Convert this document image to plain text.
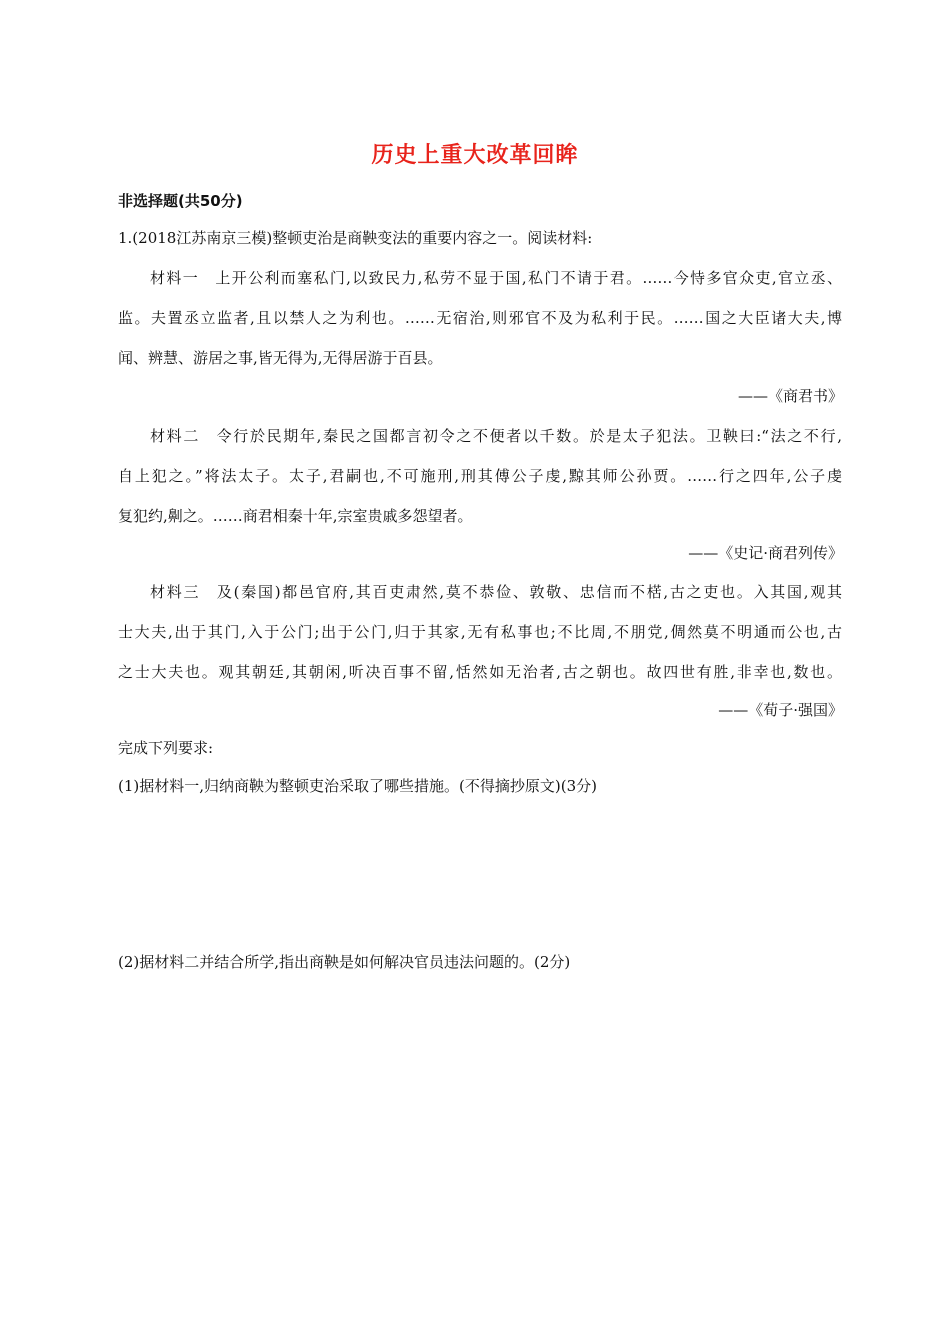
历史上重大改革回眸
非选择题(共50分)
1.(2018江苏南京三模)整顿吏治是商鞅变法的重要内容之一。阅读材料:
材料一　上开公利而塞私门,以致民力,私劳不显于国,私门不请于君。……今恃多官众吏,官立丞、
监。夫置丞立监者,且以禁人之为利也。……无宿治,则邪官不及为私利于民。……国之大臣诸大夫,博
闻、辨慧、游居之事,皆无得为,无得居游于百县。
——《商君书》
材料二　令行於民期年,秦民之国都言初令之不便者以千数。於是太子犯法。卫鞅曰:“法之不行,
自上犯之。”将法太子。太子,君嗣也,不可施刑,刑其傅公子虔,黥其师公孙贾。……行之四年,公子虔
复犯约,劓之。……商君相秦十年,宗室贵戚多怨望者。
——《史记·商君列传》
材料三　及(秦国)都邑官府,其百吏肃然,莫不恭俭、敦敬、忠信而不楛,古之吏也。入其国,观其
士大夫,出于其门,入于公门;出于公门,归于其家,无有私事也;不比周,不朋党,倜然莫不明通而公也,古
之士大夫也。观其朝廷,其朝闲,听决百事不留,恬然如无治者,古之朝也。故四世有胜,非幸也,数也。
——《荀子·强国》
完成下列要求:
(1)据材料一,归纳商鞅为整顿吏治采取了哪些措施。(不得摘抄原文)(3分)
(2)据材料二并结合所学,指出商鞅是如何解决官员违法问题的。(2分)
